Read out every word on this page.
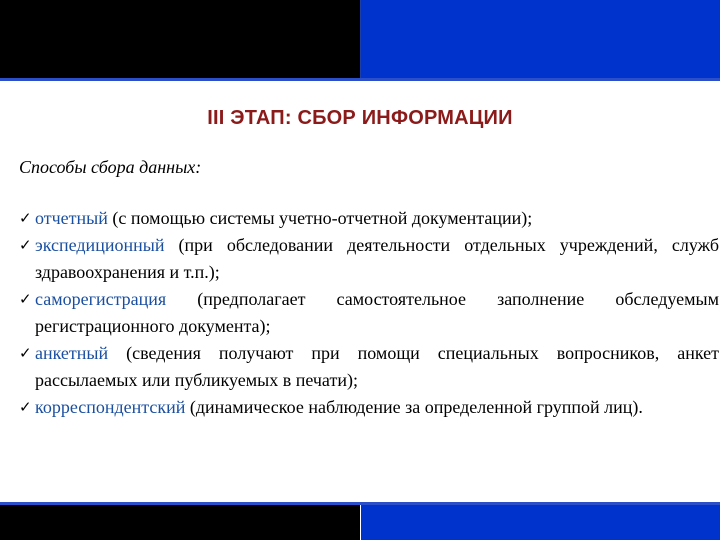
III ЭТАП: СБОР ИНФОРМАЦИИ
Способы сбора данных:
✓ отчетный (с помощью системы учетно-отчетной документации);
✓ экспедиционный (при обследовании деятельности отдельных учреждений, служб здравоохранения и т.п.);
✓ саморегистрация (предполагает самостоятельное заполнение обследуемым регистрационного документа);
✓ анкетный (сведения получают при помощи специальных вопросников, анкет рассылаемых или публикуемых в печати);
✓ корреспондентский (динамическое наблюдение за определенной группой лиц).
